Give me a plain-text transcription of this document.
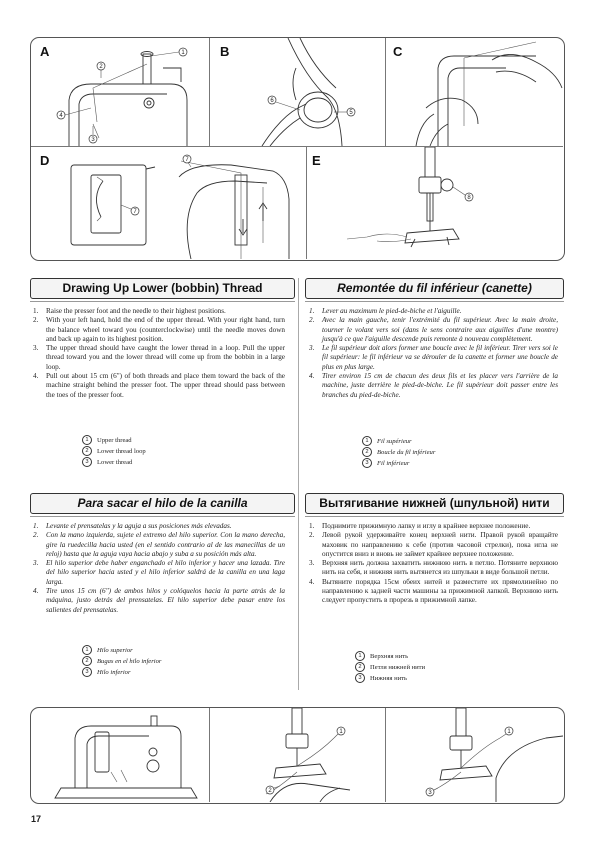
A	1
2
4
3
B
6
5
C
D
7
7	E
8
Drawing Up Lower (bobbin) Thread
1. Raise the presser foot and the needle to their highest positions.
2. With your left hand, hold the end of the upper thread. With your right hand, turn the balance wheel toward you (counterclockwise) until the needle moves down and back up again to its highest position.
3. The upper thread should have caught the lower thread in a loop. Pull the upper thread toward you and the lower thread will come up from the bobbin in a large loop.
4. Pull out about 15 cm (6") of both threads and place them toward the back of the machine straight behind the presser foot. The upper thread should pass between the toes of the presser foot.
1 Upper thread
2 Lower thread loop
3 Lower thread
Remontée du fil inférieur (canette)
1. Lever au maximum le pied-de-biche et l'aiguille.
2. Avec la main gauche, tenir l'extrémité du fil supérieur. Avec la main droite, tourner le volant vers soi (dans le sens contraire aux aiguilles d'une montre) jusqu'à ce que l'aiguille descende puis remonte à nouveau complètement.
3. Le fil supérieur doit alors former une boucle avec le fil inférieur. Tirer vers soi le fil supérieur: le fil inférieur va se dérouler de la canette et former une boucle de plus en plus large.
4. Tirer environ 15 cm de chacun des deux fils et les placer vers l'arrière de la machine, juste derrière le pied-de-biche. Le fil supérieur doit passer entre les branches du pied-de-biche.
1 Fil supérieur
2 Boucle du fil inférieur
3 Fil inférieur
Para sacar el hilo de la canilla
1. Levante el prensatelas y la aguja a sus posiciones más elevadas.
2. Con la mano izquierda, sujete el extremo del hilo superior. Con la mano derecha, gire la ruedecilla hacia usted (en el sentido contrario al de las manecillas de un reloj) hasta que la aguja vaya hacia abajo y suba a su posición más alta.
3. El hilo superior debe haber enganchado el hilo inferior y hacer una lazada. Tire del hilo superior hacia usted y el hilo inferior saldrá de la canilla en una laga larga.
4. Tire unos 15 cm (6") de ambos hilos y colóquelos hacia la parte atrás de la máquina, justo detrás del prensatelas. El hilo superior debe pasar entre los salientes del prensatelas.
1 Hilo superior
2 Bugas en el hilo inferior
3 Hilo inferior
Вытягивание нижней (шпульной) нити
1. Поднимите прижимную лапку и иглу в крайнее верхнее положение.
2. Левой рукой удерживайте конец верхней нити. Правой рукой вращайте маховик по направлению к себе (против часовой стрелки), пока игла не опустится вниз и вновь не займет крайнее верхнее положение.
3. Верхняя нить должна захватить нижнюю нить в петлю. Потяните верхнюю нить на себя, и нижняя нить вытянется из шпульки в виде большой петли.
4. Вытяните порядка 15см обеих нитей и разместите их прямолинейно по направлению к задней части машины за прижимной лапкой. Верхнюю нить следует пропустить в прорезь в прижимной лапке.
1 Верхняя нить
2 Петля нижней нити
3 Нижняя нить
1
2
1
3
17
